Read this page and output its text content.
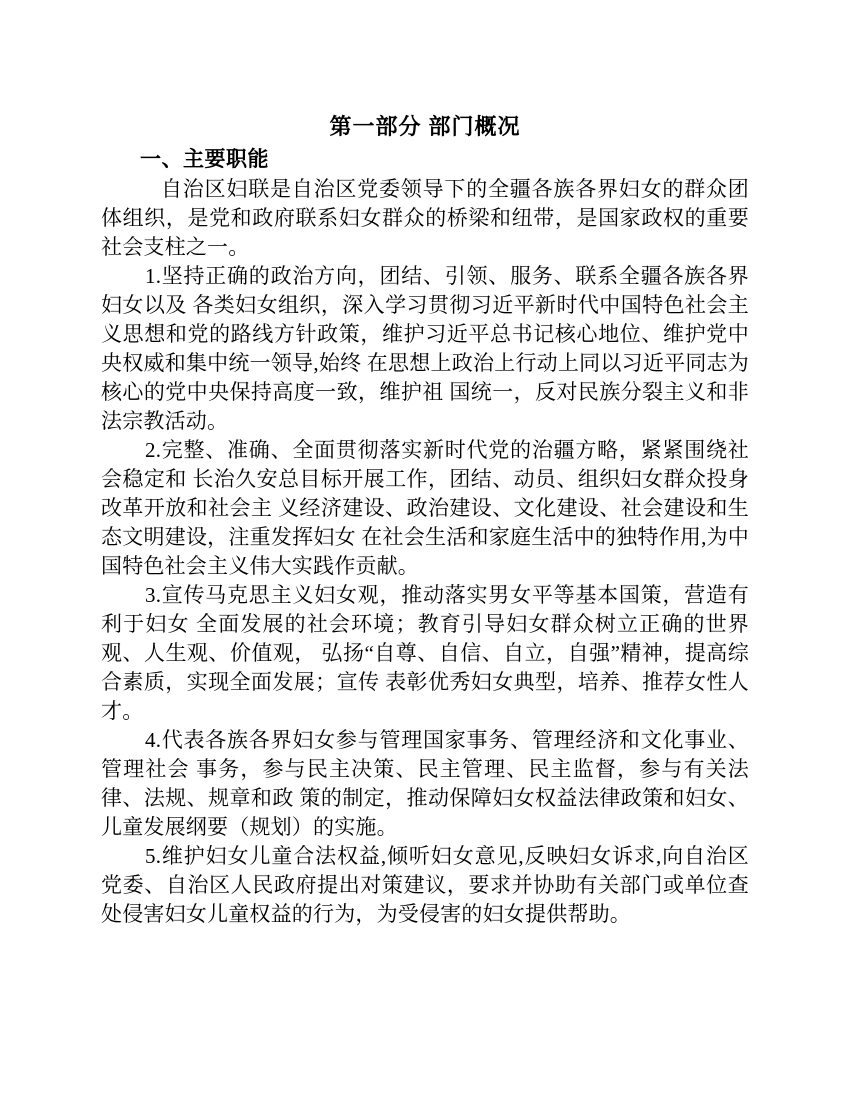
第一部分 部门概况
一、主要职能

自治区妇联是自治区党委领导下的全疆各族各界妇女的群众团体组织，是党和政府联系妇女群众的桥梁和纽带，是国家政权的重要社会支柱之一。

1.坚持正确的政治方向，团结、引领、服务、联系全疆各族各界妇女以及 各类妇女组织，深入学习贯彻习近平新时代中国特色社会主义思想和党的路线方针政策，维护习近平总书记核心地位、维护党中央权威和集中统一领导,始终 在思想上政治上行动上同以习近平同志为核心的党中央保持高度一致，维护祖 国统一，反对民族分裂主义和非法宗教活动。

2.完整、准确、全面贯彻落实新时代党的治疆方略，紧紧围绕社会稳定和 长治久安总目标开展工作，团结、动员、组织妇女群众投身改革开放和社会主 义经济建设、政治建设、文化建设、社会建设和生态文明建设，注重发挥妇女 在社会生活和家庭生活中的独特作用,为中国特色社会主义伟大实践作贡献。

3.宣传马克思主义妇女观，推动落实男女平等基本国策，营造有利于妇女 全面发展的社会环境；教育引导妇女群众树立正确的世界观、人生观、价值观， 弘扬“自尊、自信、自立，自强”精神，提高综合素质，实现全面发展；宣传 表彰优秀妇女典型，培养、推荐女性人才。

4.代表各族各界妇女参与管理国家事务、管理经济和文化事业、管理社会 事务，参与民主决策、民主管理、民主监督，参与有关法律、法规、规章和政 策的制定，推动保障妇女权益法律政策和妇女、儿童发展纲要（规划）的实施。

5.维护妇女儿童合法权益,倾听妇女意见,反映妇女诉求,向自治区党委、自治区人民政府提出对策建议，要求并协助有关部门或单位查处侵害妇女儿童权益的行为，为受侵害的妇女提供帮助。
